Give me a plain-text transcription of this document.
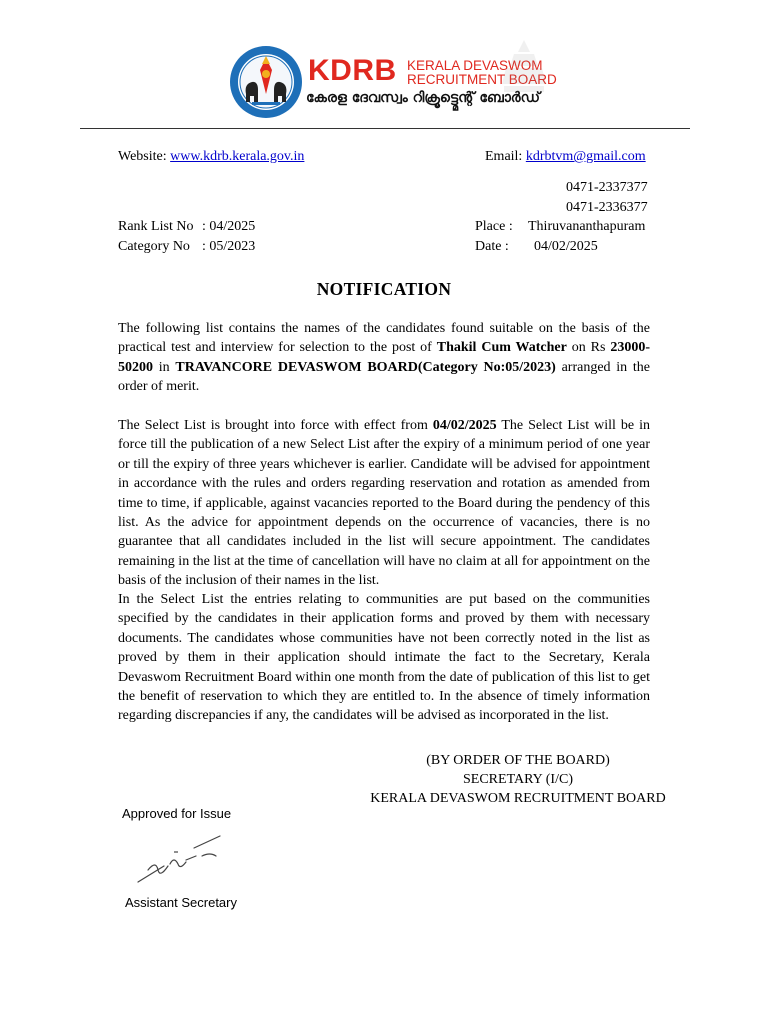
KDRB KERALA DEVASWOM
RECRUITMENT BOARD
കേരള ദേവസ്വം റിക്രൂട്ട്മെന്റ് ബോർഡ്
Website: www.kdrb.kerala.gov.in	Email: kdrbtvm@gmail.com
0471-2337377
0471-2336377
Rank List No : 04/2025
Category No : 05/2023
Place : Thiruvananthapuram
Date : 04/02/2025
NOTIFICATION

The following list contains the names of the candidates found suitable on the basis of the practical test and interview for selection to the post of Thakil Cum Watcher on Rs 23000-50200 in TRAVANCORE DEVASWOM BOARD(Category No:05/2023) arranged in the order of merit.

The Select List is brought into force with effect from 04/02/2025 The Select List will be in force till the publication of a new Select List after the expiry of a minimum period of one year or till the expiry of three years whichever is earlier. Candidate will be advised for appointment in accordance with the rules and orders regarding reservation and rotation as amended from time to time, if applicable, against vacancies reported to the Board during the pendency of this list. As the advice for appointment depends on the occurrence of vacancies, there is no guarantee that all candidates included in the list will secure appointment. The candidates remaining in the list at the time of cancellation will have no claim at all for appointment on the basis of the inclusion of their names in the list.

In the Select List the entries relating to communities are put based on the communities specified by the candidates in their application forms and proved by them with necessary documents. The candidates whose communities have not been correctly noted in the list as proved by them in their application should intimate the fact to the Secretary, Kerala Devaswom Recruitment Board within one month from the date of publication of this list to get the benefit of reservation to which they are entitled to. In the absence of timely information regarding discrepancies if any, the candidates will be advised as incorporated in the list.

(BY ORDER OF THE BOARD)
SECRETARY (I/C)
KERALA DEVASWOM RECRUITMENT BOARD
Approved for Issue
Assistant Secretary
